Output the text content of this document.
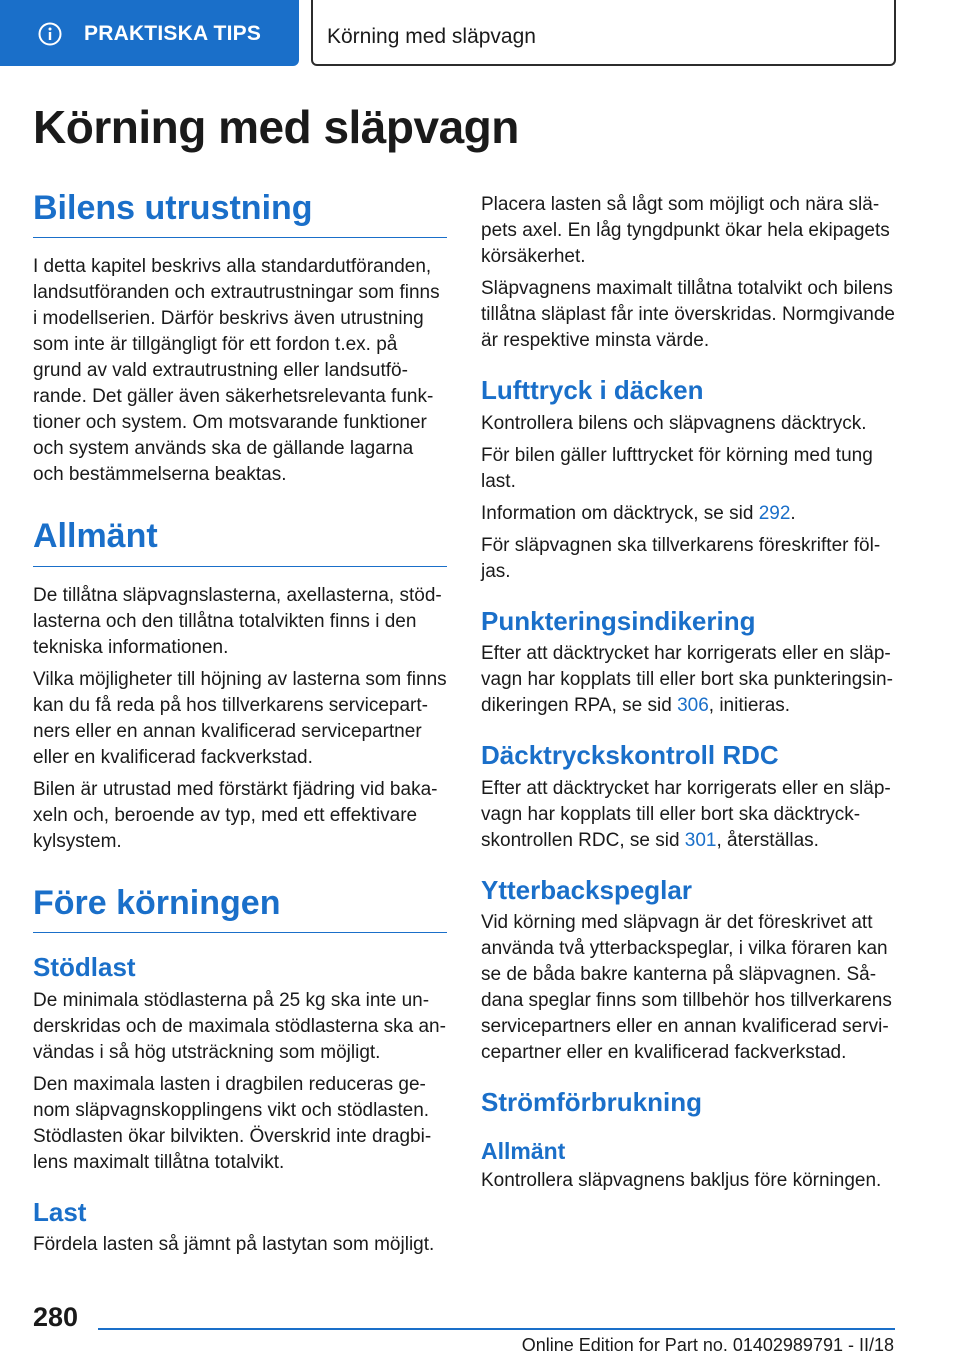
PRAKTISKA TIPS	Körning med släpvagn
Körning med släpvagn
Bilens utrustning

I detta kapitel beskrivs alla standardutföranden, landsutföranden och extrautrustningar som finns i modellserien. Därför beskrivs även utrustning som inte är tillgängligt för ett fordon t.ex. på grund av vald extrautrustning eller landsutförande. Det gäller även säkerhetsrelevanta funktioner och system. Om motsvarande funktioner och system används ska de gällande lagarna och bestämmelserna beaktas.

Allmänt

De tillåtna släpvagnslasterna, axellasterna, stödlasterna och den tillåtna totalvikten finns i den tekniska informationen.

Vilka möjligheter till höjning av lasterna som finns kan du få reda på hos tillverkarens servicepartners eller en annan kvalificerad servicepartner eller en kvalificerad fackverkstad.

Bilen är utrustad med förstärkt fjädring vid bakaxeln och, beroende av typ, med ett effektivare kylsystem.

Före körningen
Stödlast

De minimala stödlasterna på 25 kg ska inte underskridas och de maximala stödlasterna ska användas i så hög utsträckning som möjligt.

Den maximala lasten i dragbilen reduceras genom släpvagnskopplingens vikt och stödlasten. Stödlasten ökar bilvikten. Överskrid inte dragbilens maximalt tillåtna totalvikt.

Last

Fördela lasten så jämnt på lastytan som möjligt.

Placera lasten så lågt som möjligt och nära släpets axel. En låg tyngdpunkt ökar hela ekipagets körsäkerhet.

Släpvagnens maximalt tillåtna totalvikt och bilens tillåtna släplast får inte överskridas. Normgivande är respektive minsta värde.

Lufttryck i däcken

Kontrollera bilens och släpvagnens däcktryck.

För bilen gäller lufttrycket för körning med tung last.

Information om däcktryck, se sid 292.

För släpvagnen ska tillverkarens föreskrifter följas.

Punkteringsindikering

Efter att däcktrycket har korrigerats eller en släpvagn har kopplats till eller bort ska punkteringsindikeringen RPA, se sid 306, initieras.

Däcktryckskontroll RDC

Efter att däcktrycket har korrigerats eller en släpvagn har kopplats till eller bort ska däcktryckskontrollen RDC, se sid 301, återställas.

Ytterbackspeglar

Vid körning med släpvagn är det föreskrivet att använda två ytterbackspeglar, i vilka föraren kan se de båda bakre kanterna på släpvagnen. Sådana speglar finns som tillbehör hos tillverkarens servicepartners eller en annan kvalificerad servicepartner eller en kvalificerad fackverkstad.

Strömförbrukning
Allmänt

Kontrollera släpvagnens bakljus före körningen.

280
Online Edition for Part no. 01402989791 - II/18
